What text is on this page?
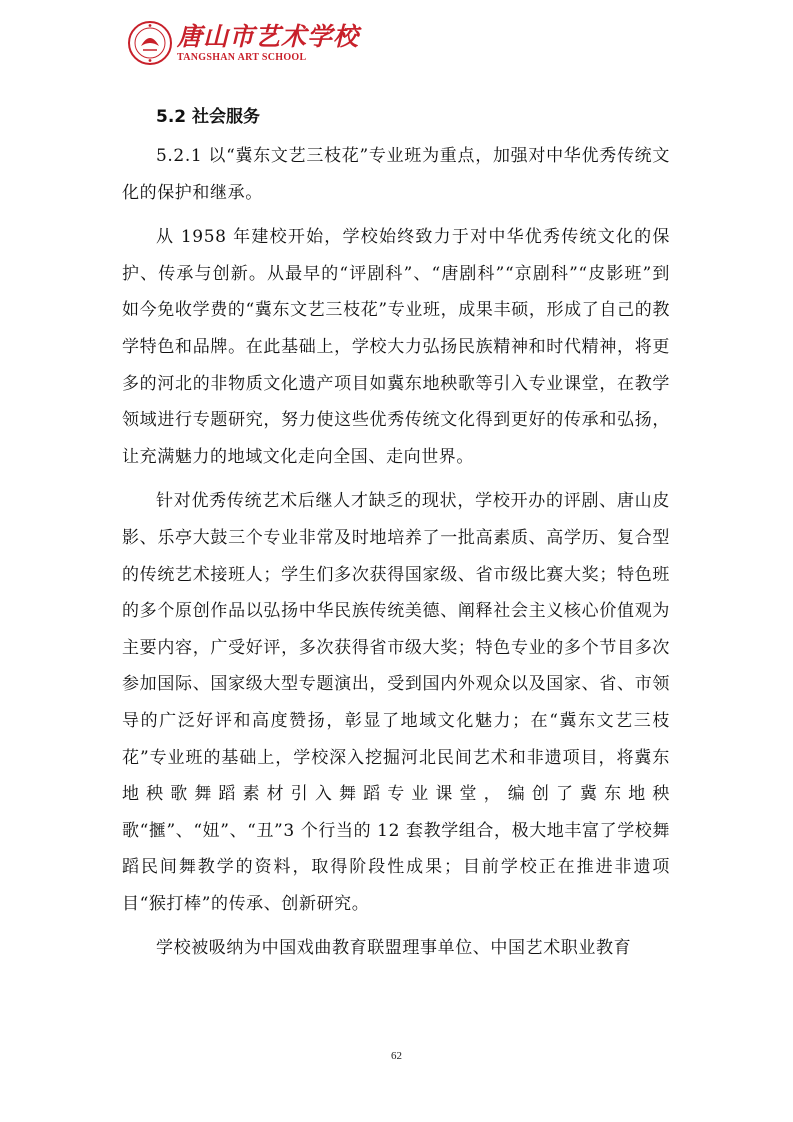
唐山市艺术学校
TANGSHAN ART SCHOOL
5.2 社会服务

5.2.1 以“冀东文艺三枝花”专业班为重点，加强对中华优秀传统文化的保护和继承。

从 1958 年建校开始，学校始终致力于对中华优秀传统文化的保护、传承与创新。从最早的“评剧科”、“唐剧科”“京剧科”“皮影班”到如今免收学费的“冀东文艺三枝花”专业班，成果丰硕，形成了自己的教学特色和品牌。在此基础上，学校大力弘扬民族精神和时代精神，将更多的河北的非物质文化遗产项目如冀东地秧歌等引入专业课堂，在教学领域进行专题研究，努力使这些优秀传统文化得到更好的传承和弘扬，让充满魅力的地域文化走向全国、走向世界。

针对优秀传统艺术后继人才缺乏的现状，学校开办的评剧、唐山皮影、乐亭大鼓三个专业非常及时地培养了一批高素质、高学历、复合型的传统艺术接班人；学生们多次获得国家级、省市级比赛大奖；特色班的多个原创作品以弘扬中华民族传统美德、阐释社会主义核心价值观为主要内容，广受好评，多次获得省市级大奖；特色专业的多个节目多次参加国际、国家级大型专题演出，受到国内外观众以及国家、省、市领导的广泛好评和高度赞扬，彰显了地域文化魅力；在“冀东文艺三枝花”专业班的基础上，学校深入挖掘河北民间艺术和非遗项目，将冀东地秧歌舞蹈素材引入舞蹈专业课堂，编创了冀东地秧歌“擓”、“妞”、“丑”3 个行当的 12 套教学组合，极大地丰富了学校舞蹈民间舞教学的资料，取得阶段性成果；目前学校正在推进非遗项目“猴打棒”的传承、创新研究。

学校被吸纳为中国戏曲教育联盟理事单位、中国艺术职业教育

62
